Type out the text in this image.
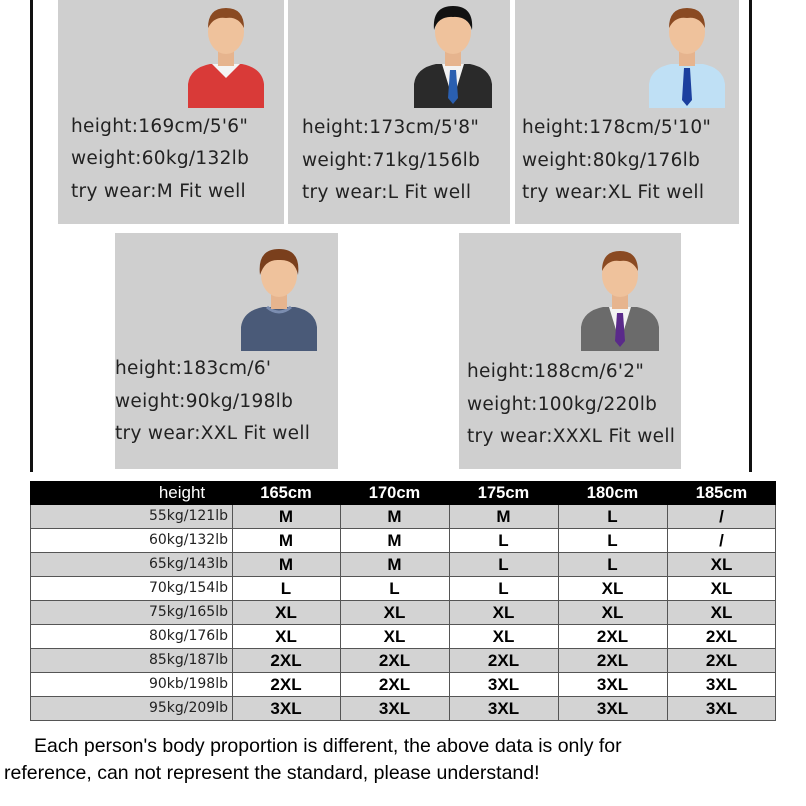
height:169cm/5'6"
weight:60kg/132lb
try wear:M Fit well
height:173cm/5'8"
weight:71kg/156lb
try wear:L Fit well
height:178cm/5'10"
weight:80kg/176lb
try wear:XL Fit well
height:183cm/6'
weight:90kg/198lb
try wear:XXL Fit well
height:188cm/6'2"
weight:100kg/220lb
try wear:XXXL Fit well
height	165cm	170cm	175cm	180cm	185cm
55kg/121lb	M	M	M	L	/
60kg/132lb	M	M	L	L	/
65kg/143lb	M	M	L	L	XL
70kg/154lb	L	L	L	XL	XL
75kg/165lb	XL	XL	XL	XL	XL
80kg/176lb	XL	XL	XL	2XL	2XL
85kg/187lb	2XL	2XL	2XL	2XL	2XL
90kb/198lb	2XL	2XL	3XL	3XL	3XL
95kg/209lb	3XL	3XL	3XL	3XL	3XL
Each person's body proportion is different, the above data is only for
reference, can not represent the standard, please understand!
